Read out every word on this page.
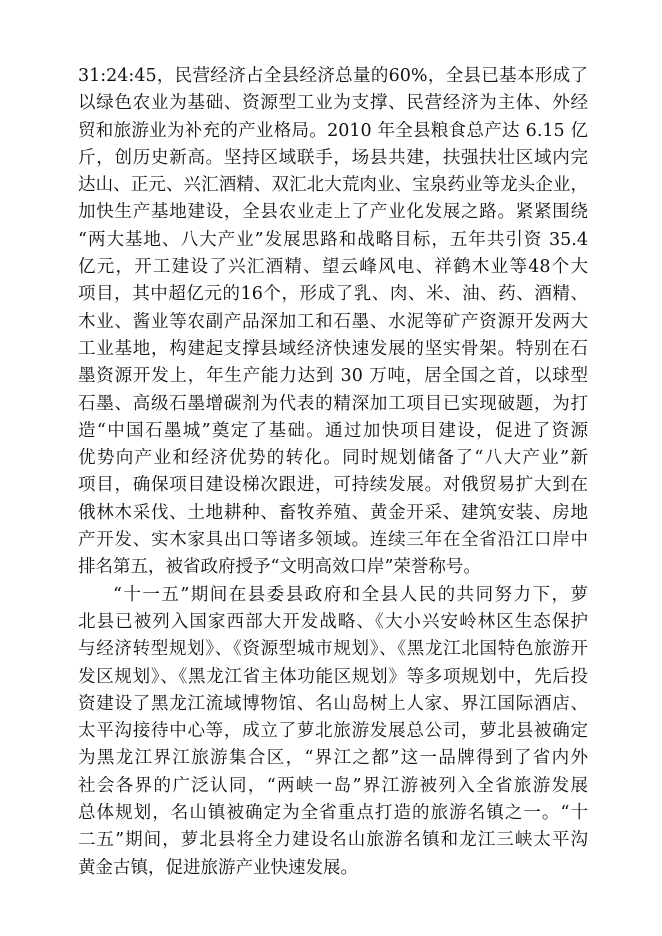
31:24:45，民营经济占全县经济总量的60%，全县已基本形成了
以绿色农业为基础、资源型工业为支撑、民营经济为主体、外经
贸和旅游业为补充的产业格局。2010 年全县粮食总产达 6.15 亿
斤，创历史新高。坚持区域联手，场县共建，扶强扶壮区域内完
达山、正元、兴汇酒精、双汇北大荒肉业、宝泉药业等龙头企业，
加快生产基地建设，全县农业走上了产业化发展之路。紧紧围绕
“两大基地、八大产业”发展思路和战略目标，五年共引资 35.4
亿元，开工建设了兴汇酒精、望云峰风电、祥鹤木业等48个大
项目，其中超亿元的16个，形成了乳、肉、米、油、药、酒精、
木业、酱业等农副产品深加工和石墨、水泥等矿产资源开发两大
工业基地，构建起支撑县域经济快速发展的坚实骨架。特别在石
墨资源开发上，年生产能力达到 30 万吨，居全国之首，以球型
石墨、高级石墨增碳剂为代表的精深加工项目已实现破题，为打
造“中国石墨城”奠定了基础。通过加快项目建设，促进了资源
优势向产业和经济优势的转化。同时规划储备了“八大产业”新
项目，确保项目建设梯次跟进，可持续发展。对俄贸易扩大到在
俄林木采伐、土地耕种、畜牧养殖、黄金开采、建筑安装、房地
产开发、实木家具出口等诸多领域。连续三年在全省沿江口岸中
排名第五，被省政府授予“文明高效口岸”荣誉称号。
“十一五”期间在县委县政府和全县人民的共同努力下，萝
北县已被列入国家西部大开发战略、《大小兴安岭林区生态保护
与经济转型规划》、《资源型城市规划》、《黑龙江北国特色旅游开
发区规划》、《黑龙江省主体功能区规划》等多项规划中，先后投
资建设了黑龙江流域博物馆、名山岛树上人家、界江国际酒店、
太平沟接待中心等，成立了萝北旅游发展总公司，萝北县被确定
为黑龙江界江旅游集合区，“界江之都”这一品牌得到了省内外
社会各界的广泛认同，“两峡一岛”界江游被列入全省旅游发展
总体规划，名山镇被确定为全省重点打造的旅游名镇之一。“十
二五”期间，萝北县将全力建设名山旅游名镇和龙江三峡太平沟
黄金古镇，促进旅游产业快速发展。
